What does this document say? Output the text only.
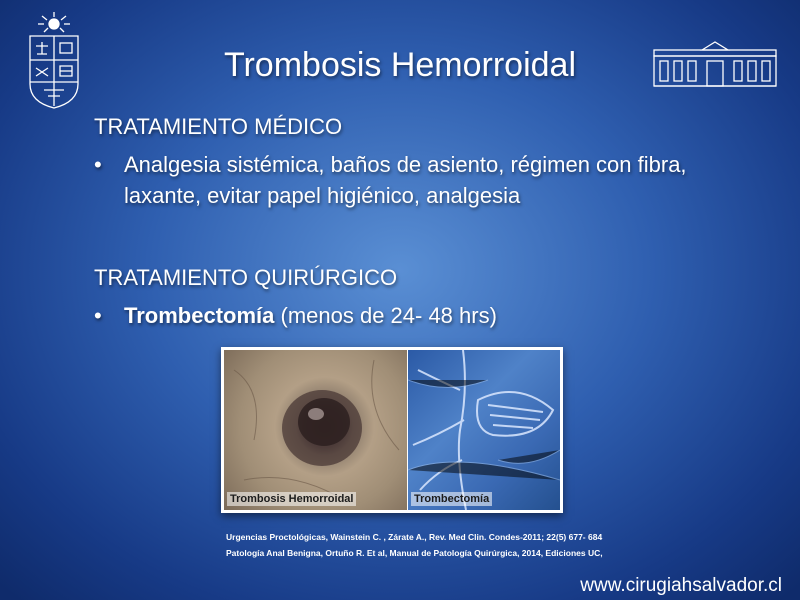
Trombosis Hemorroidal
TRATAMIENTO MÉDICO
• Analgesia sistémica, baños de asiento, régimen con fibra, laxante, evitar papel higiénico, analgesia
TRATAMIENTO QUIRÚRGICO
• Trombectomía (menos de 24- 48 hrs)
Trombosis Hemorroidal	Trombectomía
Urgencias Proctológicas, Wainstein C. , Zárate A., Rev. Med Clin. Condes-2011; 22(5) 677- 684
Patología Anal Benigna, Ortuño R. Et al, Manual de Patología Quirúrgica, 2014, Ediciones UC,
www.cirugiahsalvador.cl
